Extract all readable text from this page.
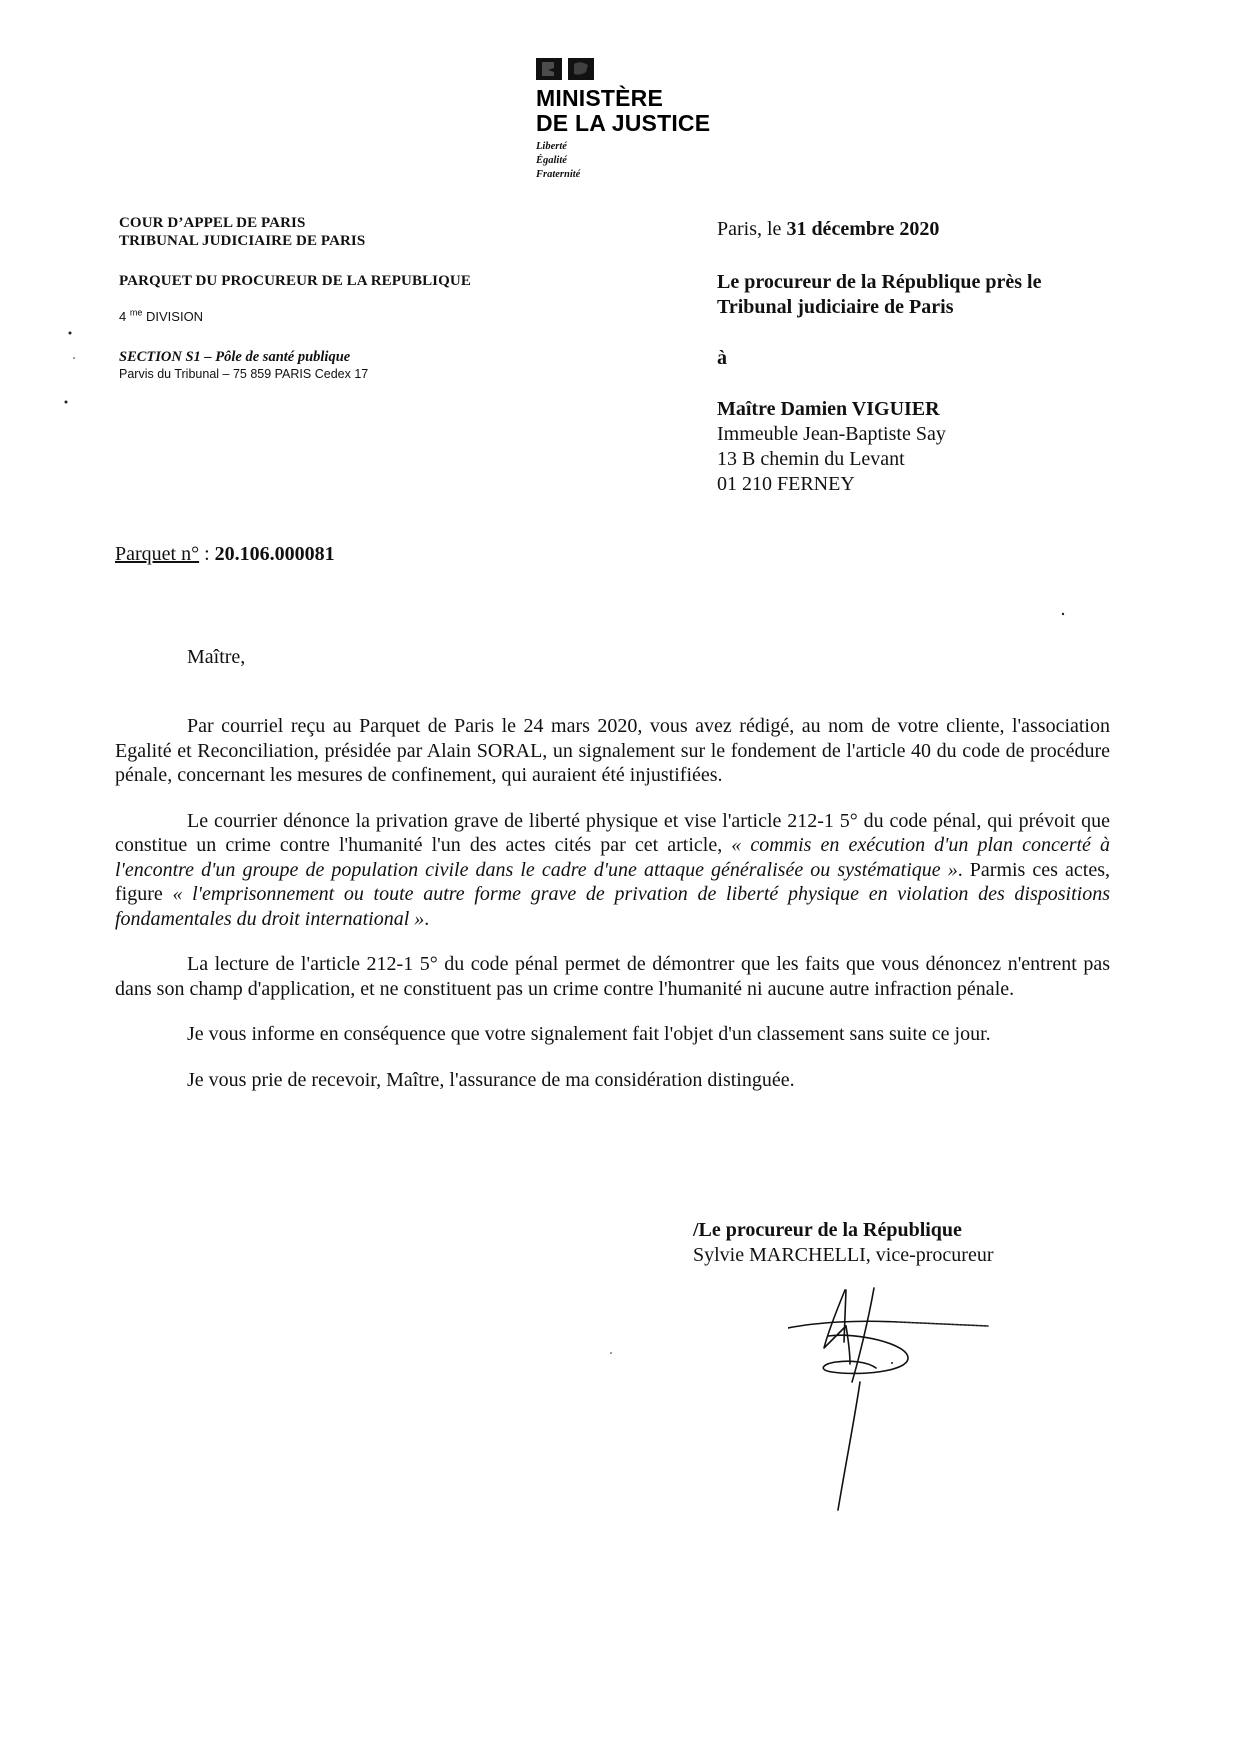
MINISTÈRE
DE LA JUSTICE
Liberté
Égalité
Fraternité
COUR D’APPEL DE PARIS
TRIBUNAL JUDICIAIRE DE PARIS
PARQUET DU PROCUREUR DE LA REPUBLIQUE
4 $^{me}$ DIVISION
SECTION S1 – Pôle de santé publique
Parvis du Tribunal – 75 859 PARIS Cedex 17
Paris, le 31 décembre 2020
Le procureur de la République près le
Tribunal judiciaire de Paris
à
Maître Damien VIGUIER
Immeuble Jean-Baptiste Say
13 B chemin du Levant
01 210 FERNEY
Parquet n° : 20.106.000081
Maître,

Par courriel reçu au Parquet de Paris le 24 mars 2020, vous avez rédigé, au nom de votre cliente, l'association Egalité et Reconciliation, présidée par Alain SORAL, un signalement sur le fondement de l'article 40 du code de procédure pénale, concernant les mesures de confinement, qui auraient été injustifiées.

Le courrier dénonce la privation grave de liberté physique et vise l'article 212-1 5° du code pénal, qui prévoit que constitue un crime contre l'humanité l'un des actes cités par cet article, « commis en exécution d'un plan concerté à l'encontre d'un groupe de population civile dans le cadre d'une attaque généralisée ou systématique ». Parmis ces actes, figure « l'emprisonnement ou toute autre forme grave de privation de liberté physique en violation des dispositions fondamentales du droit international ».

La lecture de l'article 212-1 5° du code pénal permet de démontrer que les faits que vous dénoncez n'entrent pas dans son champ d'application, et ne constituent pas un crime contre l'humanité ni aucune autre infraction pénale.

Je vous informe en conséquence que votre signalement fait l'objet d'un classement sans suite ce jour.

Je vous prie de recevoir, Maître, l'assurance de ma considération distinguée.

/Le procureur de la République
Sylvie MARCHELLI, vice-procureur
